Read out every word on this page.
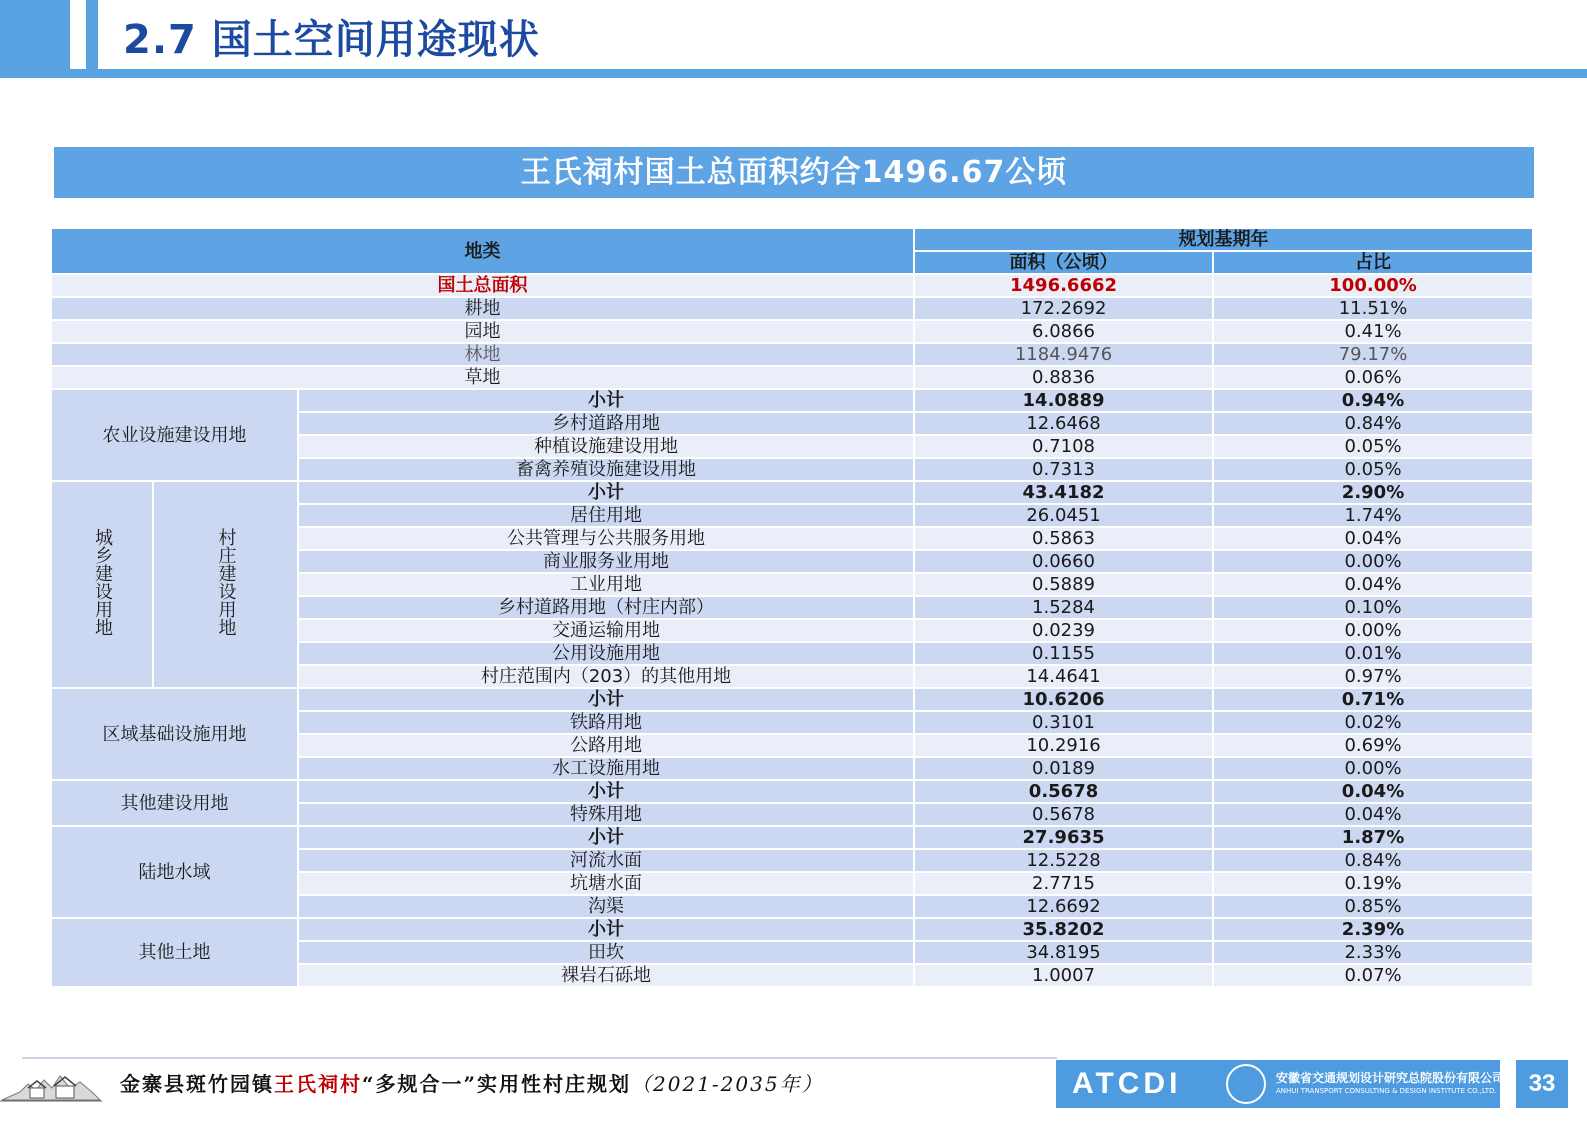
2.7 国土空间用途现状
王氏祠村国土总面积约合1496.67公顷
地类			规划基期年	
			面积（公顷）	占比
国土总面积			1496.6662	100.00%
耕地			172.2692	11.51%
园地			6.0866	0.41%
林地			1184.9476	79.17%
草地			0.8836	0.06%
农业设施建设用地		小计	14.0889	0.94%
		乡村道路用地	12.6468	0.84%
		种植设施建设用地	0.7108	0.05%
		畜禽养殖设施建设用地	0.7313	0.05%
城乡建设用地	村庄建设用地	小计	43.4182	2.90%
		居住用地	26.0451	1.74%
		公共管理与公共服务用地	0.5863	0.04%
		商业服务业用地	0.0660	0.00%
		工业用地	0.5889	0.04%
		乡村道路用地（村庄内部）	1.5284	0.10%
		交通运输用地	0.0239	0.00%
		公用设施用地	0.1155	0.01%
		村庄范围内（203）的其他用地	14.4641	0.97%
区域基础设施用地		小计	10.6206	0.71%
		铁路用地	0.3101	0.02%
		公路用地	10.2916	0.69%
		水工设施用地	0.0189	0.00%
其他建设用地		小计	0.5678	0.04%
		特殊用地	0.5678	0.04%
陆地水域		小计	27.9635	1.87%
		河流水面	12.5228	0.84%
		坑塘水面	2.7715	0.19%
		沟渠	12.6692	0.85%
其他土地		小计	35.8202	2.39%
		田坎	34.8195	2.33%
		裸岩石砾地	1.0007	0.07%
金寨县斑竹园镇王氏祠村“多规合一”实用性村庄规划（2021-2035年）	ATCDI	安徽省交通规划设计研究总院股份有限公司
ANHUI TRANSPORT CONSULTING & DESIGN INSTITUTE CO.,LTD.	33
